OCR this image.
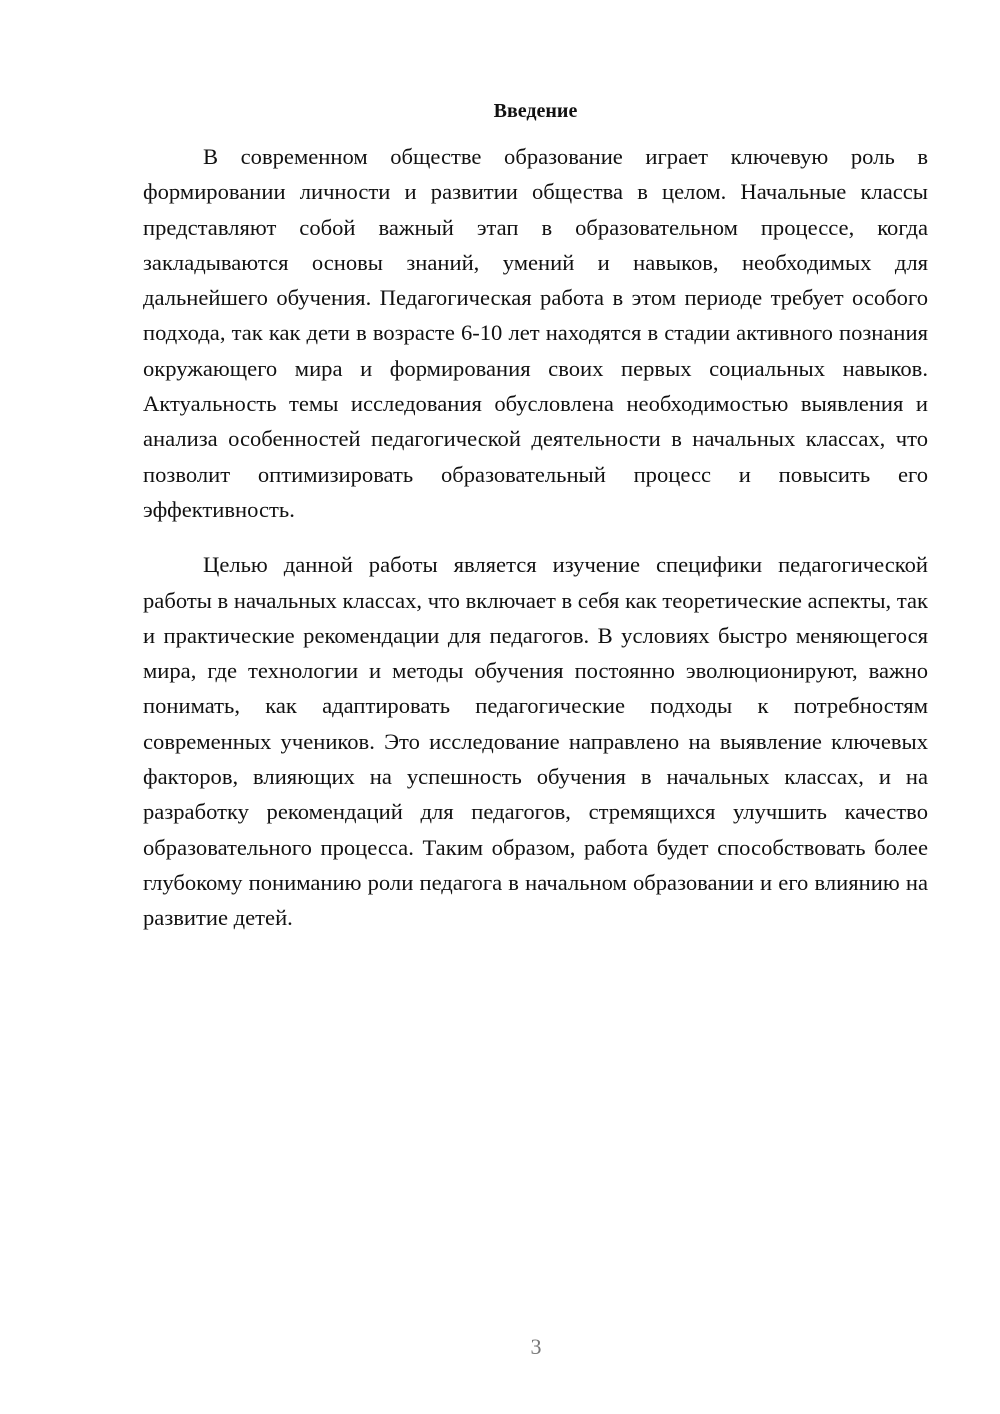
Введение

В современном обществе образование играет ключевую роль в формировании личности и развитии общества в целом. Начальные классы представляют собой важный этап в образовательном процессе, когда закладываются основы знаний, умений и навыков, необходимых для дальнейшего обучения. Педагогическая работа в этом периоде требует особого подхода, так как дети в возрасте 6-10 лет находятся в стадии активного познания окружающего мира и формирования своих первых социальных навыков. Актуальность темы исследования обусловлена необходимостью выявления и анализа особенностей педагогической деятельности в начальных классах, что позволит оптимизировать образовательный процесс и повысить его эффективность.

Целью данной работы является изучение специфики педагогической работы в начальных классах, что включает в себя как теоретические аспекты, так и практические рекомендации для педагогов. В условиях быстро меняющегося мира, где технологии и методы обучения постоянно эволюционируют, важно понимать, как адаптировать педагогические подходы к потребностям современных учеников. Это исследование направлено на выявление ключевых факторов, влияющих на успешность обучения в начальных классах, и на разработку рекомендаций для педагогов, стремящихся улучшить качество образовательного процесса. Таким образом, работа будет способствовать более глубокому пониманию роли педагога в начальном образовании и его влиянию на развитие детей.

3
